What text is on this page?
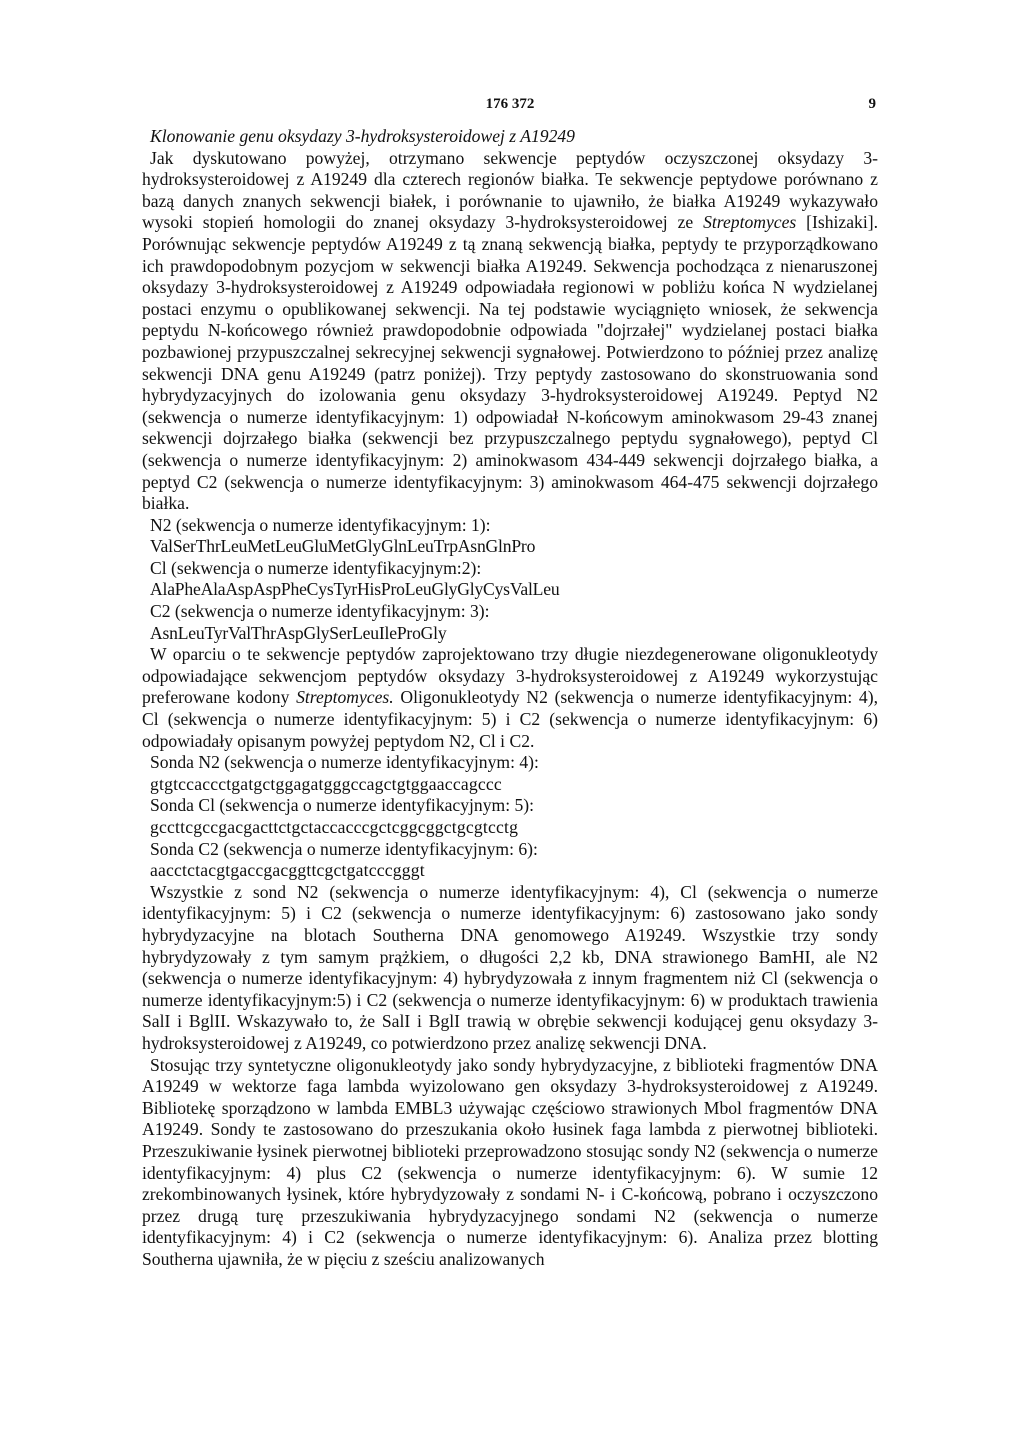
176 372	9

Klonowanie genu oksydazy 3-hydroksysteroidowej z A19249

Jak dyskutowano powyżej, otrzymano sekwencje peptydów oczyszczonej oksydazy 3-hydroksysteroidowej z A19249 dla czterech regionów białka. Te sekwencje peptydowe porównano z bazą danych znanych sekwencji białek, i porównanie to ujawniło, że białka A19249 wykazywało wysoki stopień homologii do znanej oksydazy 3-hydroksysteroidowej ze Streptomyces [Ishizaki]. Porównując sekwencje peptydów A19249 z tą znaną sekwencją białka, peptydy te przyporządkowano ich prawdopodobnym pozycjom w sekwencji białka A19249. Sekwencja pochodząca z nienaruszonej oksydazy 3-hydroksysteroidowej z A19249 odpowiadała regionowi w pobliżu końca N wydzielanej postaci enzymu o opublikowanej sekwencji. Na tej podstawie wyciągnięto wniosek, że sekwencja peptydu N-końcowego również prawdopodobnie odpowiada "dojrzałej" wydzielanej postaci białka pozbawionej przypuszczalnej sekrecyjnej sekwencji sygnałowej. Potwierdzono to później przez analizę sekwencji DNA genu A19249 (patrz poniżej). Trzy peptydy zastosowano do skonstruowania sond hybrydyzacyjnych do izolowania genu oksydazy 3-hydroksysteroidowej A19249. Peptyd N2 (sekwencja o numerze identyfikacyjnym: 1) odpowiadał N-końcowym aminokwasom 29-43 znanej sekwencji dojrzałego białka (sekwencji bez przypuszczalnego peptydu sygnałowego), peptyd Cl (sekwencja o numerze identyfikacyjnym: 2) aminokwasom 434-449 sekwencji dojrzałego białka, a peptyd C2 (sekwencja o numerze identyfikacyjnym: 3) aminokwasom 464-475 sekwencji dojrzałego białka.

N2 (sekwencja o numerze identyfikacyjnym: 1):

ValSerThrLeuMetLeuGluMetGlyGlnLeuTrpAsnGlnPro

Cl (sekwencja o numerze identyfikacyjnym:2):

AlaPheAlaAspAspPheCysTyrHisProLeuGlyGlyCysValLeu

C2 (sekwencja o numerze identyfikacyjnym: 3):

AsnLeuTyrValThrAspGlySerLeuIleProGly

W oparciu o te sekwencje peptydów zaprojektowano trzy długie niezdegenerowane oligonukleotydy odpowiadające sekwencjom peptydów oksydazy 3-hydroksysteroidowej z A19249 wykorzystując preferowane kodony Streptomyces. Oligonukleotydy N2 (sekwencja o numerze identyfikacyjnym: 4), Cl (sekwencja o numerze identyfikacyjnym: 5) i C2 (sekwencja o numerze identyfikacyjnym: 6) odpowiadały opisanym powyżej peptydom N2, Cl i C2.

Sonda N2 (sekwencja o numerze identyfikacyjnym: 4):

gtgtccaccctgatgctggagatgggccagctgtggaaccagccc

Sonda Cl (sekwencja o numerze identyfikacyjnym: 5):

gccttcgccgacgacttctgctaccacccgctcggcggctgcgtcctg

Sonda C2 (sekwencja o numerze identyfikacyjnym: 6):

aacctctacgtgaccgacggttcgctgatcccgggt

Wszystkie z sond N2 (sekwencja o numerze identyfikacyjnym: 4), Cl (sekwencja o numerze identyfikacyjnym: 5) i C2 (sekwencja o numerze identyfikacyjnym: 6) zastosowano jako sondy hybrydyzacyjne na blotach Southerna DNA genomowego A19249. Wszystkie trzy sondy hybrydyzowały z tym samym prążkiem, o długości 2,2 kb, DNA strawionego BamHI, ale N2 (sekwencja o numerze identyfikacyjnym: 4) hybrydyzowała z innym fragmentem niż Cl (sekwencja o numerze identyfikacyjnym:5) i C2 (sekwencja o numerze identyfikacyjnym: 6) w produktach trawienia SalI i BglII. Wskazywało to, że SalI i BglI trawią w obrębie sekwencji kodującej genu oksydazy 3-hydroksysteroidowej z A19249, co potwierdzono przez analizę sekwencji DNA.

Stosując trzy syntetyczne oligonukleotydy jako sondy hybrydyzacyjne, z biblioteki fragmentów DNA A19249 w wektorze faga lambda wyizolowano gen oksydazy 3-hydroksysteroidowej z A19249. Bibliotekę sporządzono w lambda EMBL3 używając częściowo strawionych Mbol fragmentów DNA A19249. Sondy te zastosowano do przeszukania około łusinek faga lambda z pierwotnej biblioteki. Przeszukiwanie łysinek pierwotnej biblioteki przeprowadzono stosując sondy N2 (sekwencja o numerze identyfikacyjnym: 4) plus C2 (sekwencja o numerze identyfikacyjnym: 6). W sumie 12 zrekombinowanych łysinek, które hybrydyzowały z sondami N- i C-końcową, pobrano i oczyszczono przez drugą turę przeszukiwania hybrydyzacyjnego sondami N2 (sekwencja o numerze identyfikacyjnym: 4) i C2 (sekwencja o numerze identyfikacyjnym: 6). Analiza przez blotting Southerna ujawniła, że w pięciu z sześciu analizowanych
